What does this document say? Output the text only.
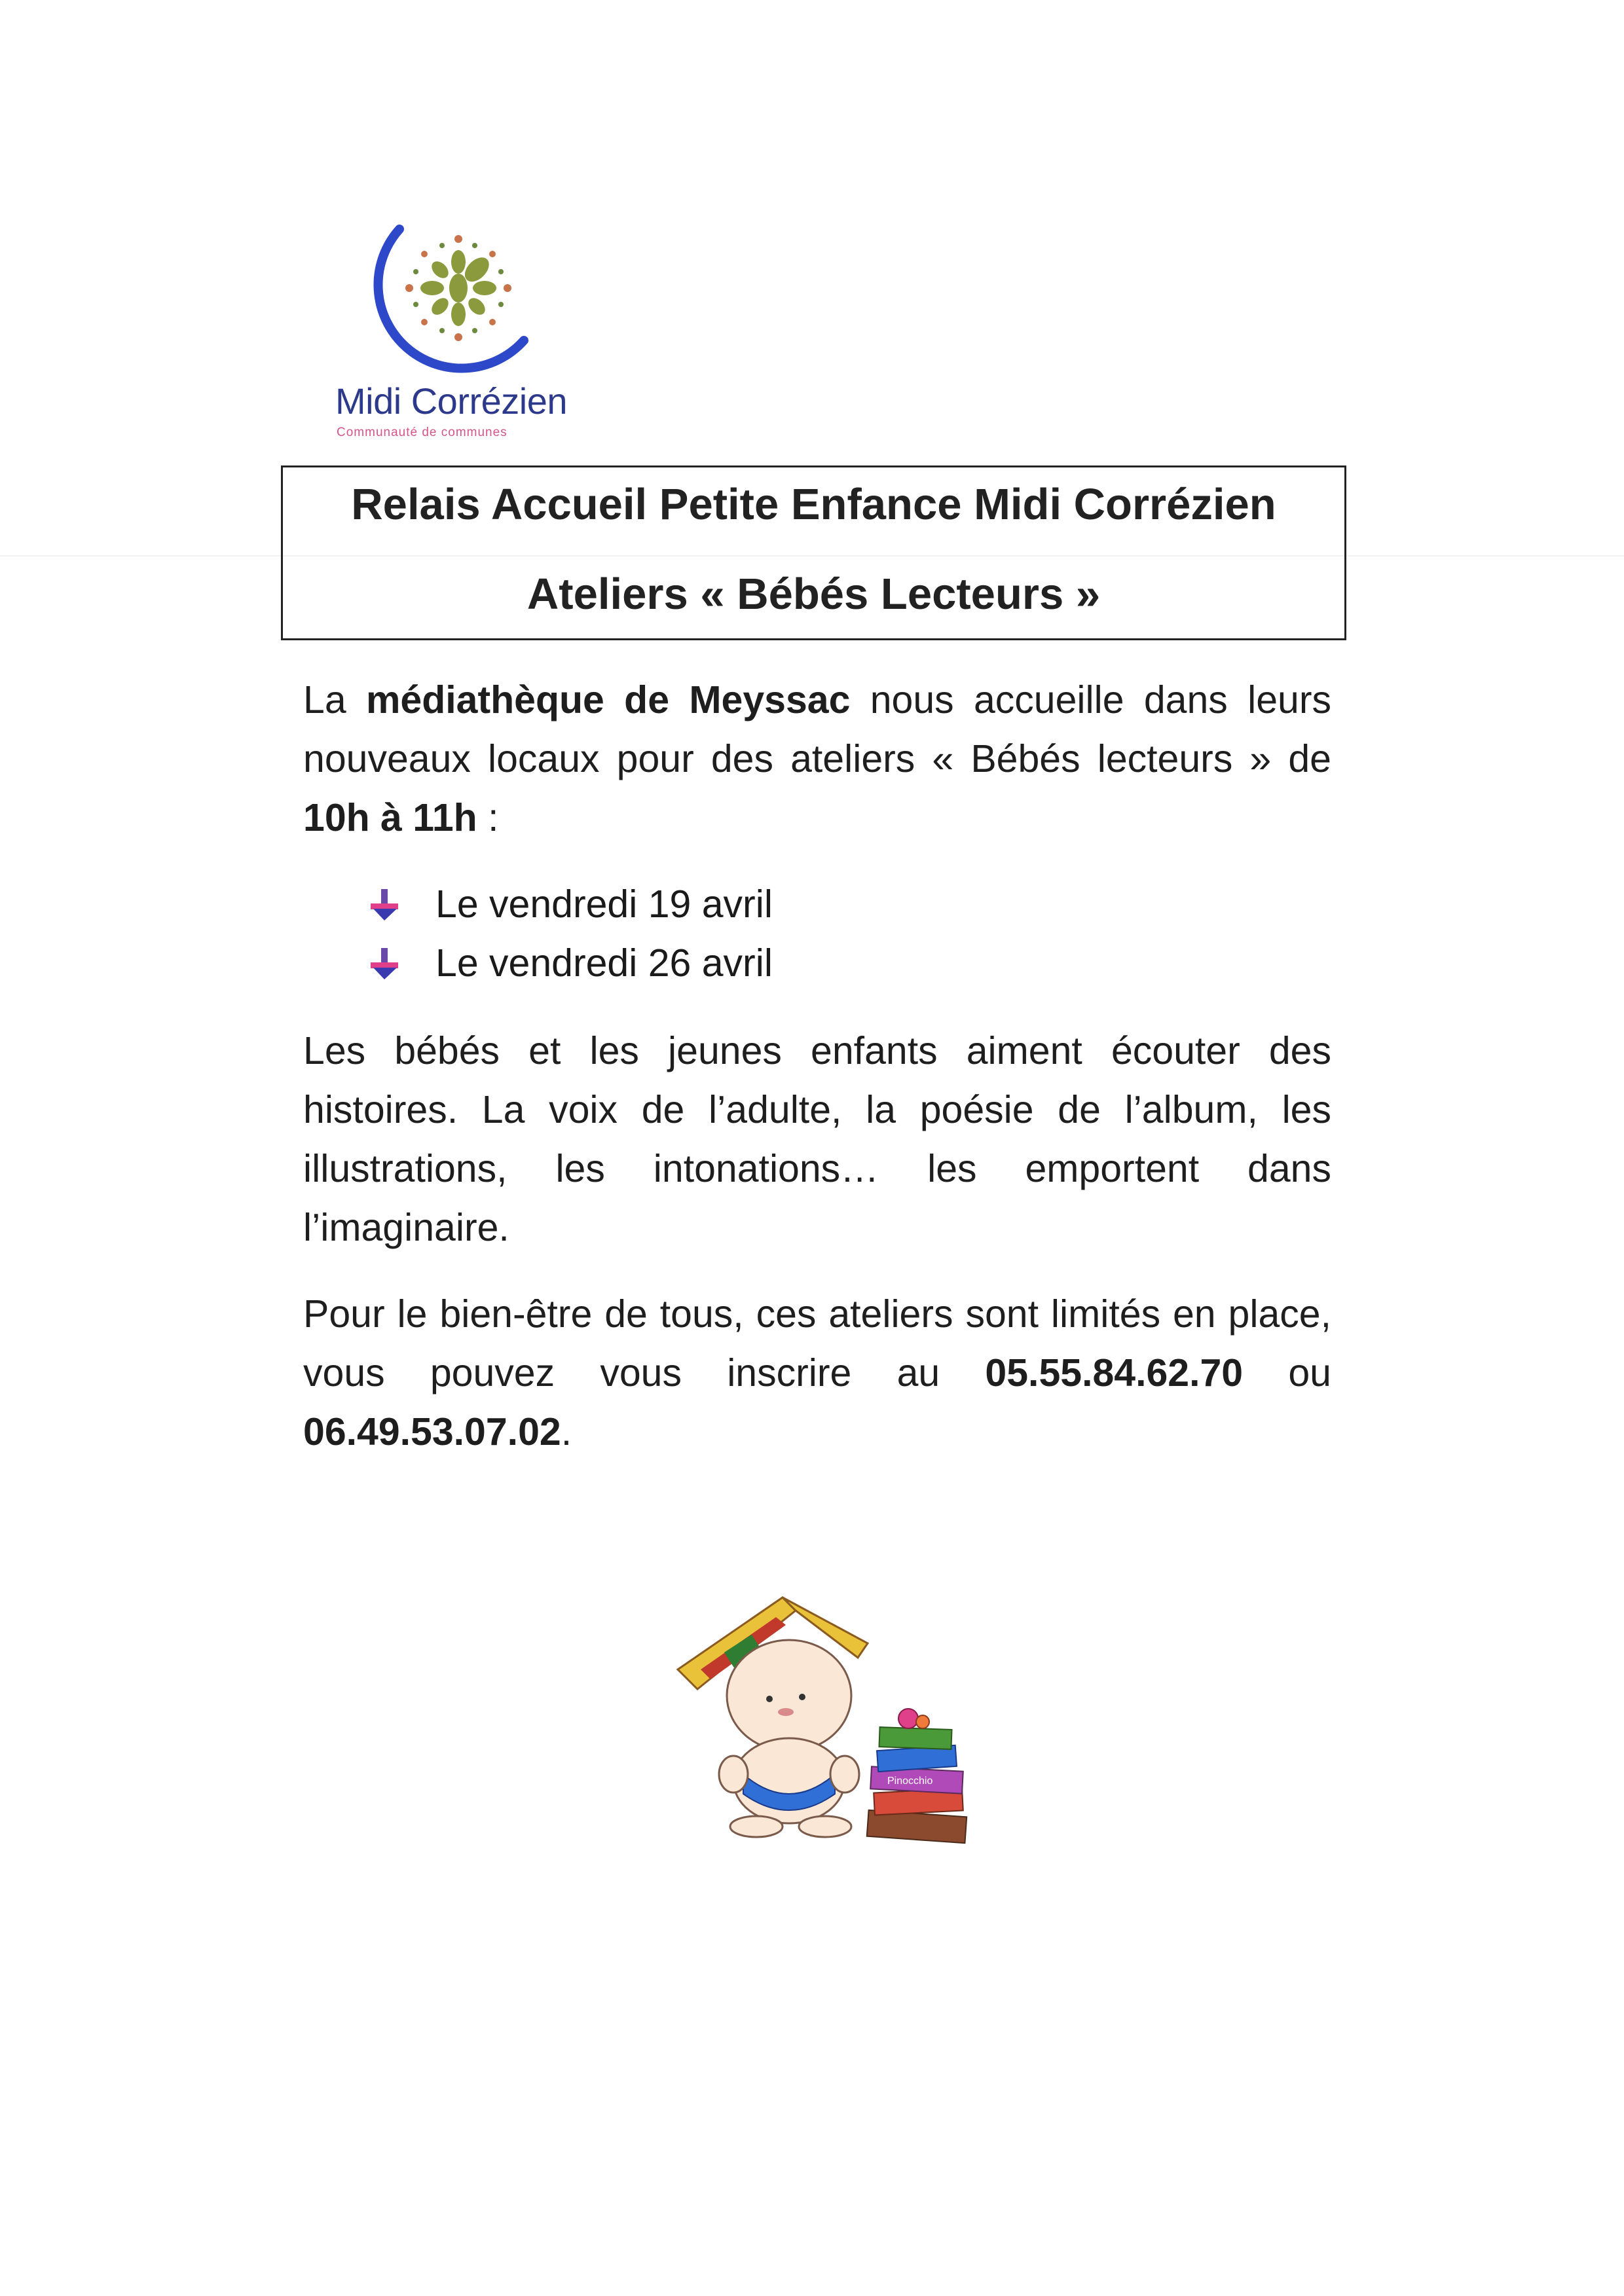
Midi Corrézien
Communauté de communes
Relais Accueil Petite Enfance Midi Corrézien
Ateliers « Bébés Lecteurs »
La médiathèque de Meyssac nous accueille dans leurs nouveaux locaux pour des ateliers « Bébés lecteurs » de 10h à 11h :
Le vendredi 19 avril
Le vendredi 26 avril
Les bébés et les jeunes enfants aiment écouter des histoires. La voix de l’adulte, la poésie de l’album, les illustrations, les intonations… les emportent dans l’imaginaire.
Pour le bien-être de tous, ces ateliers sont limités en place, vous pouvez vous inscrire au 05.55.84.62.70 ou 06.49.53.07.02.
Pinocchio
